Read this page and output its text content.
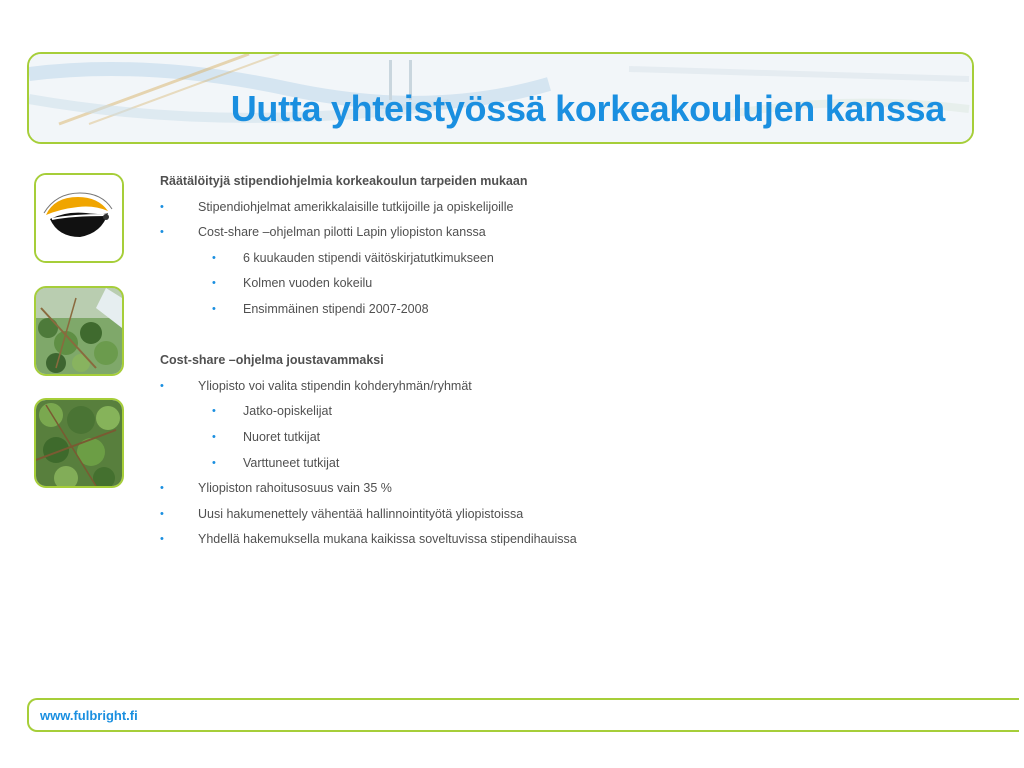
Uutta yhteistyössä korkeakoulujen kanssa
Räätälöityjä stipendiohjelmia korkeakoulun tarpeiden mukaan
•	Stipendiohjelmat amerikkalaisille tutkijoille ja opiskelijoille
•	Cost-share –ohjelman pilotti Lapin yliopiston kanssa
• 6 kuukauden stipendi väitöskirjatutkimukseen
• Kolmen vuoden kokeilu
• Ensimmäinen stipendi 2007-2008
Cost-share –ohjelma joustavammaksi
•	Yliopisto voi valita stipendin kohderyhmän/ryhmät
• Jatko-opiskelijat
• Nuoret tutkijat
• Varttuneet tutkijat
•	Yliopiston rahoitusosuus vain 35 %
•	Uusi hakumenettely vähentää hallinnointityötä yliopistoissa
•	Yhdellä hakemuksella mukana kaikissa soveltuvissa stipendihauissa
www.fulbright.fi
